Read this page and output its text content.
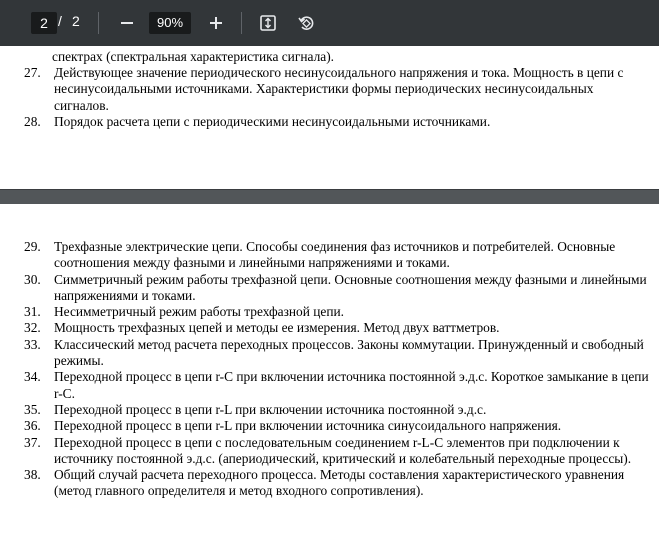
2 / 2	90%
спектрах (спектральная характеристика сигнала).
27. Действующее значение периодического несинусоидального напряжения и тока. Мощность в цепи с несинусоидальными источниками. Характеристики формы периодических несинусоидальных сигналов.
28. Порядок расчета цепи с периодическими несинусоидальными источниками.
29. Трехфазные электрические цепи. Способы соединения фаз источников и потребителей. Основные соотношения между фазными и линейными напряжениями и токами.
30. Симметричный режим работы трехфазной цепи. Основные соотношения между фазными и линейными напряжениями и токами.
31. Несимметричный режим работы трехфазной цепи.
32. Мощность трехфазных цепей и методы ее измерения. Метод двух ваттметров.
33. Классический метод расчета переходных процессов. Законы коммутации. Принужденный и свободный режимы.
34. Переходной процесс в цепи r-C при включении источника постоянной э.д.с. Короткое замыкание в цепи r-C.
35. Переходной процесс в цепи r-L при включении источника постоянной э.д.с.
36. Переходной процесс в цепи r-L при включении источника синусоидального напряжения.
37. Переходной процесс в цепи с последовательным соединением r-L-C элементов при подключении к источнику постоянной э.д.с. (апериодический, критический и колебательный переходные процессы).
38. Общий случай расчета переходного процесса. Методы составления характеристического уравнения (метод главного определителя и метод входного сопротивления).
